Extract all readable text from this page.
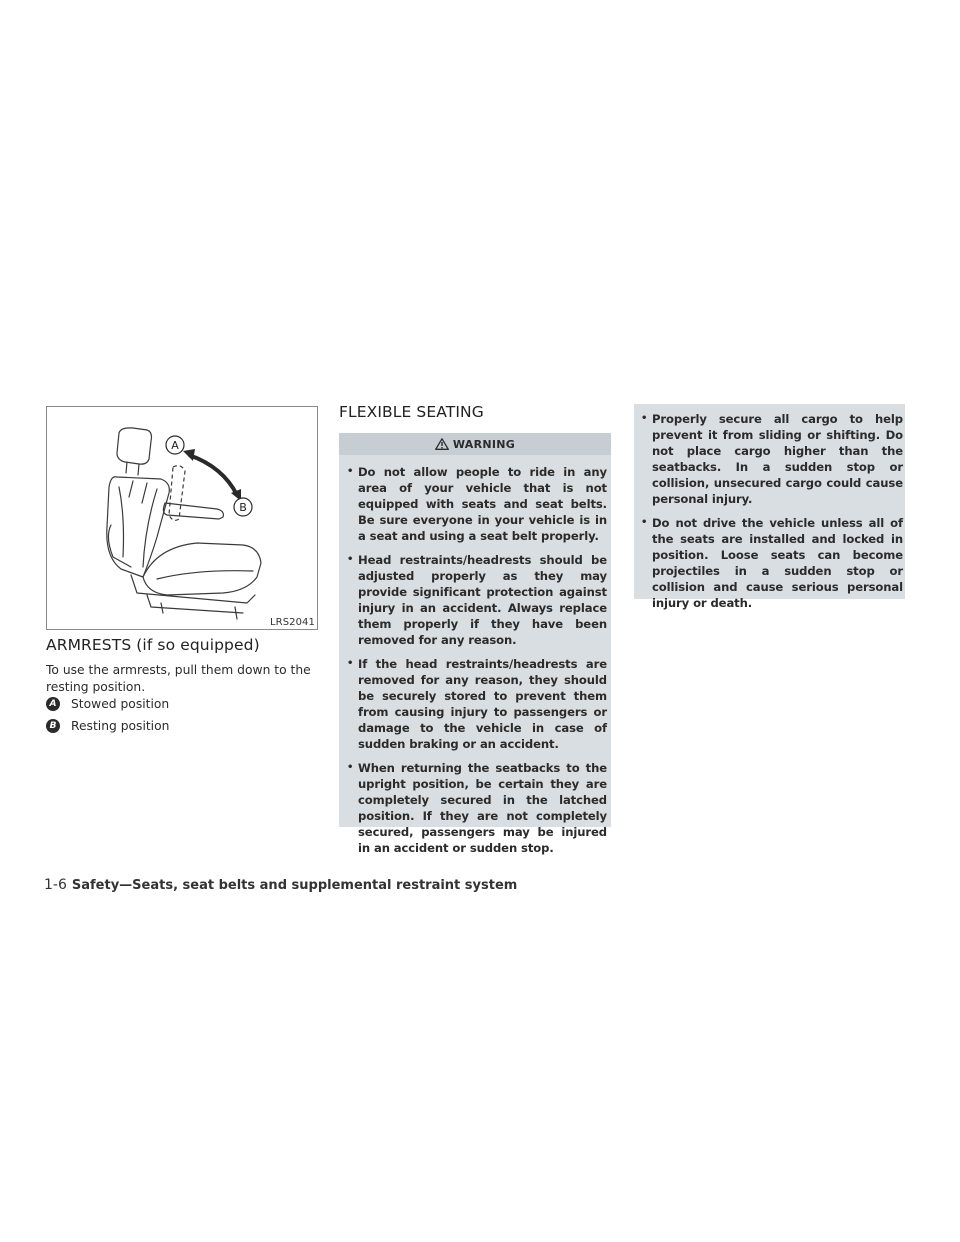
A
B
LRS2041
ARMRESTS (if so equipped)

To use the armrests, pull them down to the resting position.

A Stowed position
B Resting position
FLEXIBLE SEATING
WARNING
• Do not allow people to ride in any area of your vehicle that is not equipped with seats and seat belts. Be sure everyone in your vehicle is in a seat and using a seat belt properly.
• Head restraints/headrests should be adjusted properly as they may provide significant protection against injury in an accident. Always replace them properly if they have been removed for any reason.
• If the head restraints/headrests are removed for any reason, they should be securely stored to prevent them from causing injury to passengers or damage to the vehicle in case of sudden braking or an accident.
• When returning the seatbacks to the upright position, be certain they are completely secured in the latched position. If they are not completely secured, passengers may be injured in an accident or sudden stop.
• Properly secure all cargo to help prevent it from sliding or shifting. Do not place cargo higher than the seatbacks. In a sudden stop or collision, unsecured cargo could cause personal injury.
• Do not drive the vehicle unless all of the seats are installed and locked in position. Loose seats can become projectiles in a sudden stop or collision and cause serious personal injury or death.
1-6 Safety—Seats, seat belts and supplemental restraint system
